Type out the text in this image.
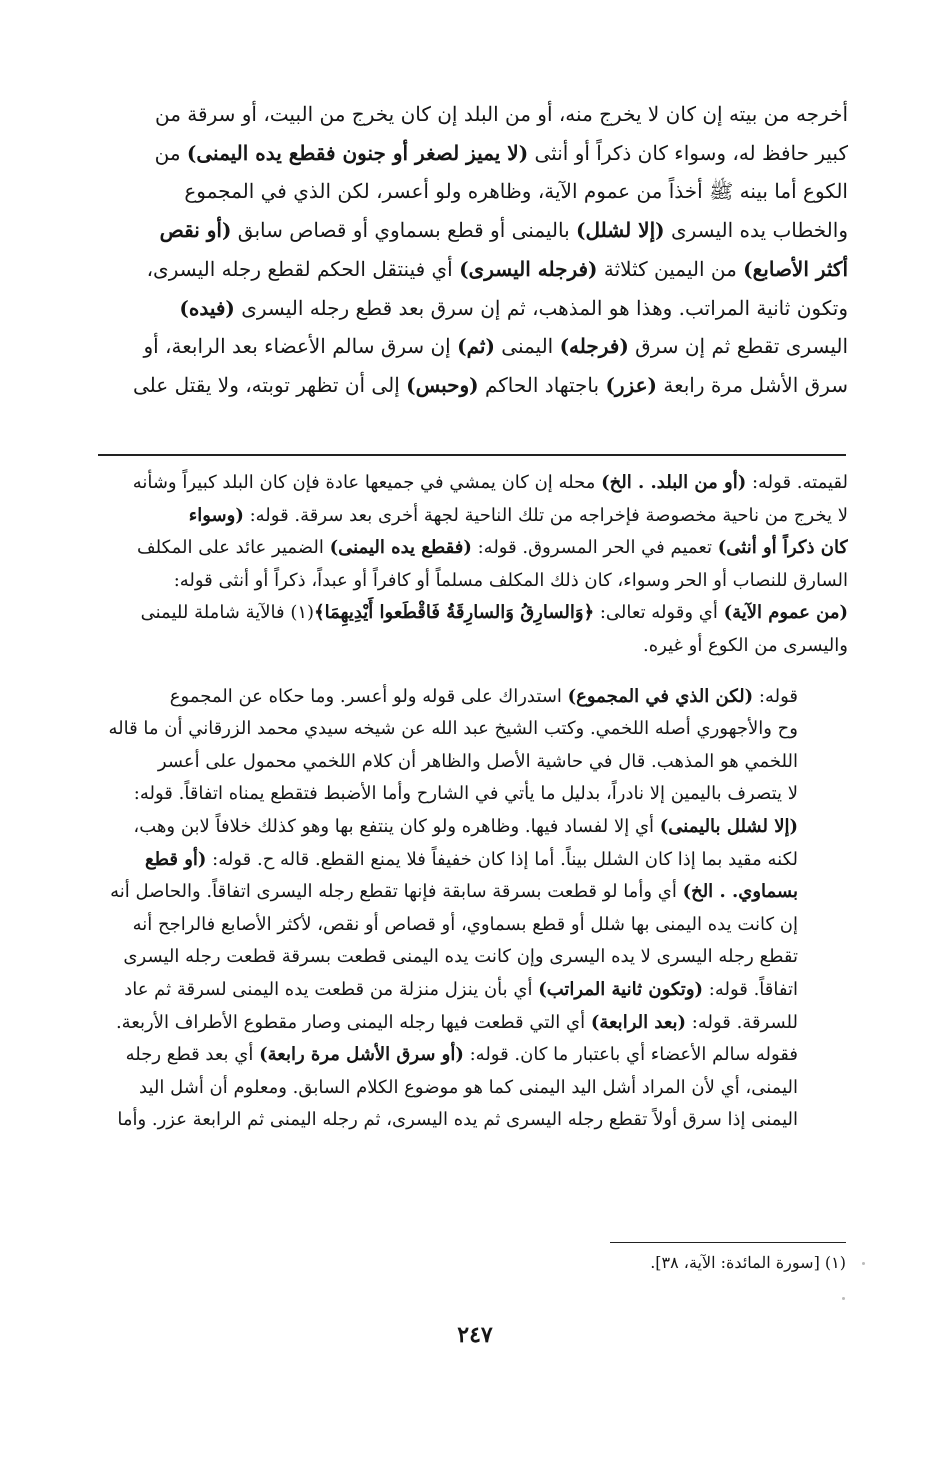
أخرجه من بيته إن كان لا يخرج منه، أو من البلد إن كان يخرج من البيت، أو سرقة من
كبير حافظ له، وسواء كان ذكراً أو أنثى (لا يميز لصغر أو جنون فقطع يده اليمنى) من
الكوع أما بينه ﷺ أخذاً من عموم الآية، وظاهره ولو أعسر، لكن الذي في المجموع
والخطاب يده اليسرى (إلا لشلل) باليمنى أو قطع بسماوي أو قصاص سابق (أو نقص
أكثر الأصابع) من اليمين كثلاثة (فرجله اليسرى) أي فينتقل الحكم لقطع رجله اليسرى،
وتكون ثانية المراتب. وهذا هو المذهب، ثم إن سرق بعد قطع رجله اليسرى (فيده)
اليسرى تقطع ثم إن سرق (فرجله) اليمنى (ثم) إن سرق سالم الأعضاء بعد الرابعة، أو
سرق الأشل مرة رابعة (عزر) باجتهاد الحاكم (وحبس) إلى أن تظهر توبته، ولا يقتل على

لقيمته. قوله: (أو من البلد. . الخ) محله إن كان يمشي في جميعها عادة فإن كان البلد كبيراً وشأنه
لا يخرج من ناحية مخصوصة فإخراجه من تلك الناحية لجهة أخرى بعد سرقة. قوله: (وسواء
كان ذكراً أو أنثى) تعميم في الحر المسروق. قوله: (فقطع يده اليمنى) الضمير عائد على المكلف
السارق للنصاب أو الحر وسواء، كان ذلك المكلف مسلماً أو كافراً أو عبداً، ذكراً أو أنثى قوله:
(من عموم الآية) أي وقوله تعالى: ﴿وَالسارِقُ وَالسارِقَةُ فَاقْطَعوا أَيْدِيهِمَا﴾(١) فالآية شاملة لليمنى
واليسرى من الكوع أو غيره.

قوله: (لكن الذي في المجموع) استدراك على قوله ولو أعسر. وما حكاه عن المجموع
وح والأجهوري أصله اللخمي. وكتب الشيخ عبد الله عن شيخه سيدي محمد الزرقاني أن ما قاله
اللخمي هو المذهب. قال في حاشية الأصل والظاهر أن كلام اللخمي محمول على أعسر
لا يتصرف باليمين إلا نادراً، بدليل ما يأتي في الشارح وأما الأضبط فتقطع يمناه اتفاقاً. قوله:
(إلا لشلل باليمنى) أي إلا لفساد فيها. وظاهره ولو كان ينتفع بها وهو كذلك خلافاً لابن وهب،
لكنه مقيد بما إذا كان الشلل بيناً. أما إذا كان خفيفاً فلا يمنع القطع. قاله ح. قوله: (أو قطع
بسماوي. . الخ) أي وأما لو قطعت بسرقة سابقة فإنها تقطع رجله اليسرى اتفاقاً. والحاصل أنه
إن كانت يده اليمنى بها شلل أو قطع بسماوي، أو قصاص أو نقص، لأكثر الأصابع فالراجح أنه
تقطع رجله اليسرى لا يده اليسرى وإن كانت يده اليمنى قطعت بسرقة قطعت رجله اليسرى
اتفاقاً. قوله: (وتكون ثانية المراتب) أي بأن ينزل منزلة من قطعت يده اليمنى لسرقة ثم عاد
للسرقة. قوله: (بعد الرابعة) أي التي قطعت فيها رجله اليمنى وصار مقطوع الأطراف الأربعة.
فقوله سالم الأعضاء أي باعتبار ما كان. قوله: (أو سرق الأشل مرة رابعة) أي بعد قطع رجله
اليمنى، أي لأن المراد أشل اليد اليمنى كما هو موضوع الكلام السابق. ومعلوم أن أشل اليد
اليمنى إذا سرق أولاً تقطع رجله اليسرى ثم يده اليسرى، ثم رجله اليمنى ثم الرابعة عزر. وأما

(١) [سورة المائدة: الآية، ٣٨].
٢٤٧
